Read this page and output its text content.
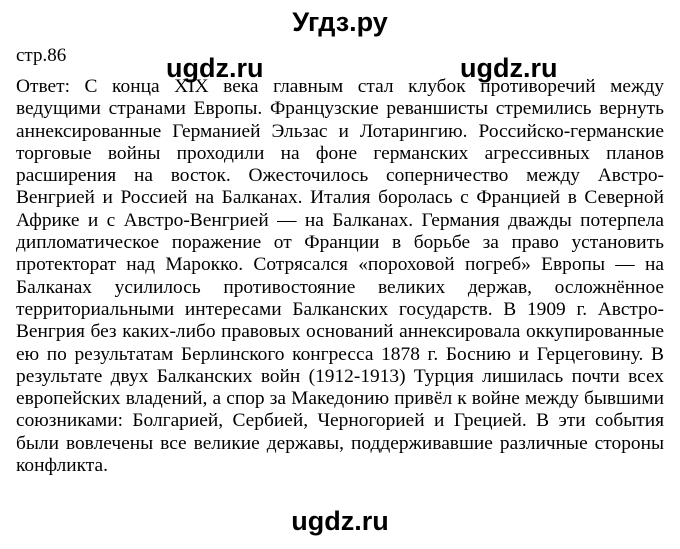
Угдз.ру
стр.86
Ответ: С конца XIX века главным стал клубок противоречий между
ведущими странами Европы. Французские реваншисты стремились вернуть
аннексированные Германией Эльзас и Лотарингию. Российско-германские
торговые войны проходили на фоне германских агрессивных планов
расширения на восток. Ожесточилось соперничество между Австро-
Венгрией и Россией на Балканах. Италия боролась с Францией в Северной
Африке и с Австро-Венгрией — на Балканах. Германия дважды потерпела
дипломатическое поражение от Франции в борьбе за право установить
протекторат над Марокко. Сотрясался «пороховой погреб» Европы — на
Балканах усилилось противостояние великих держав, осложнённое
территориальными интересами Балканских государств. В 1909 г. Австро-
Венгрия без каких-либо правовых оснований аннексировала оккупированные
ею по результатам Берлинского конгресса 1878 г. Боснию и Герцеговину. В
результате двух Балканских войн (1912-1913) Турция лишилась почти всех
европейских владений, а спор за Македонию привёл к войне между бывшими
союзниками: Болгарией, Сербией, Черногорией и Грецией. В эти события
были вовлечены все великие державы, поддерживавшие различные стороны
конфликта.
ugdz.ru	ugdz.ru
ugdz.ru
